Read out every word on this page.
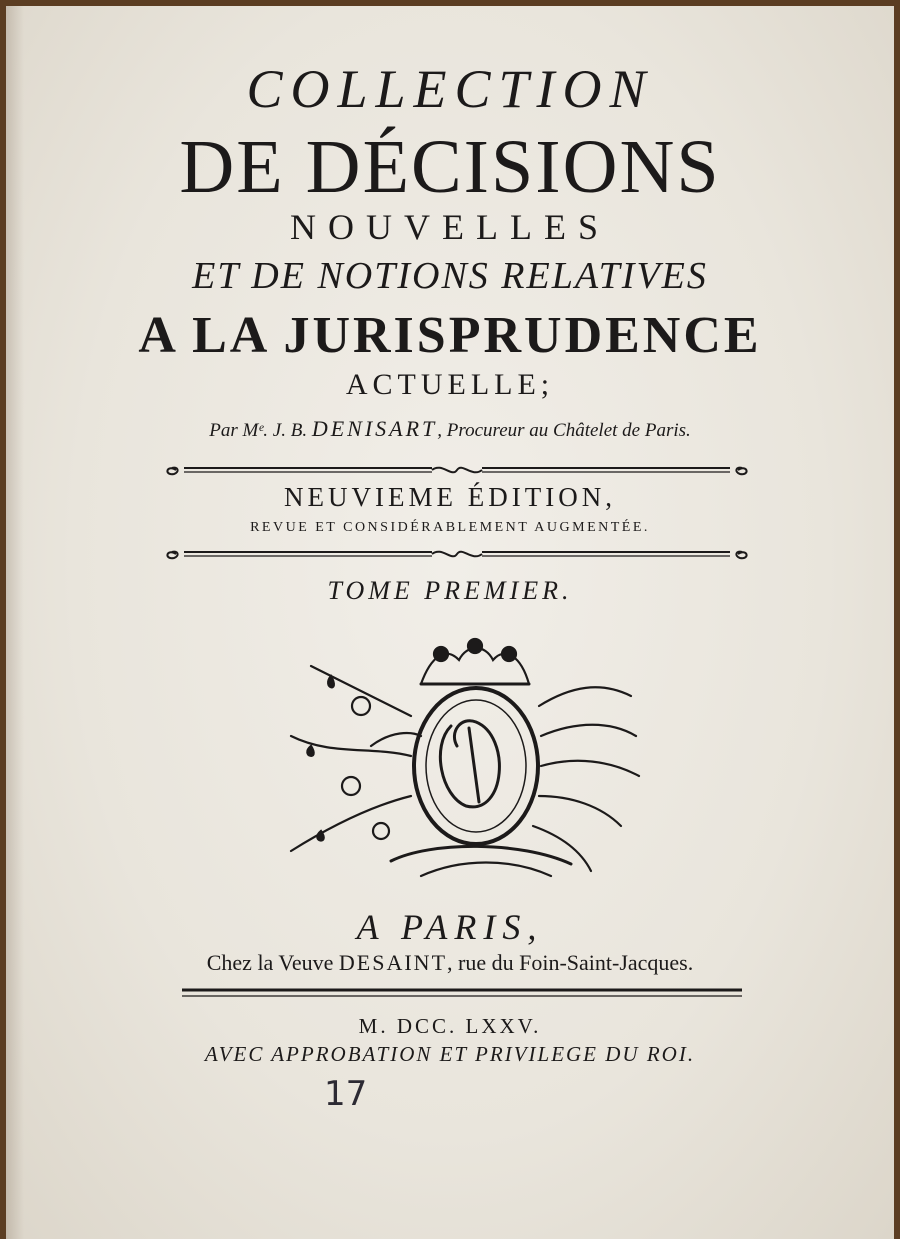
COLLECTION
DE DÉCISIONS
NOUVELLES
ET DE NOTIONS RELATIVES
A LA JURISPRUDENCE
ACTUELLE;
Par Mᵉ. J. B. DENISART, Procureur au Châtelet de Paris.
NEUVIEME ÉDITION,
REVUE ET CONSIDÉRABLEMENT AUGMENTÉE.
TOME PREMIER.
A PARIS,
Chez la Veuve DESAINT, rue du Foin-Saint-Jacques.
M. DCC. LXXV.
AVEC APPROBATION ET PRIVILEGE DU ROI.
17
